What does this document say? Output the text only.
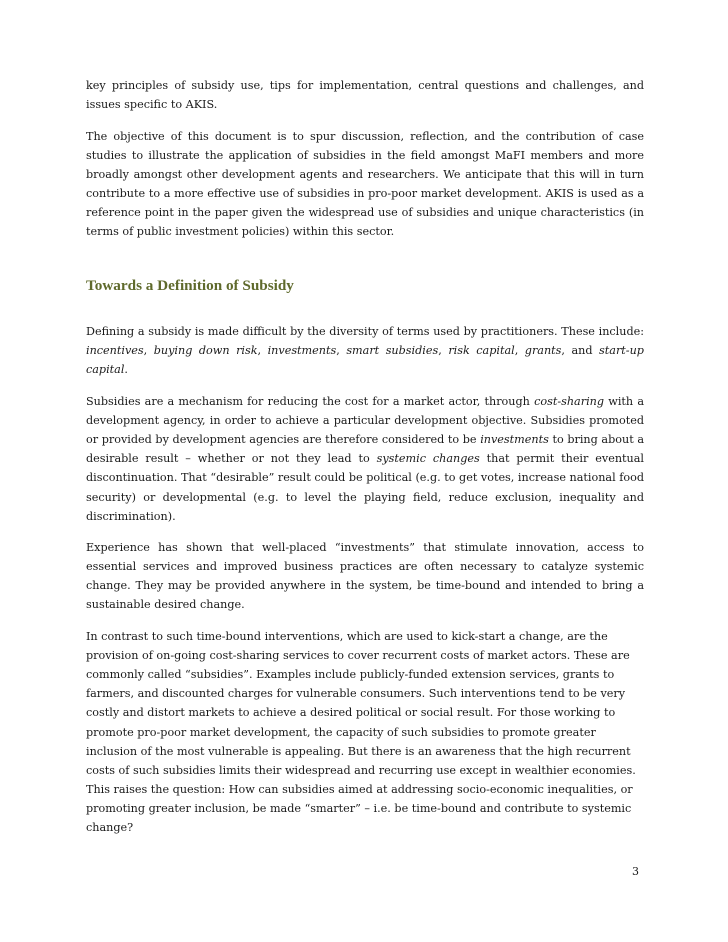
key principles of subsidy use, tips for implementation, central questions and challenges, and issues specific to AKIS.

The objective of this document is to spur discussion, reflection, and the contribution of case studies to illustrate the application of subsidies in the field amongst MaFI members and more broadly amongst other development agents and researchers. We anticipate that this will in turn contribute to a more effective use of subsidies in pro-poor market development. AKIS is used as a reference point in the paper given the widespread use of subsidies and unique characteristics (in terms of public investment policies) within this sector.

Towards a Definition of Subsidy

Defining a subsidy is made difficult by the diversity of terms used by practitioners. These include: incentives, buying down risk, investments, smart subsidies, risk capital, grants, and start-up capital.

Subsidies are a mechanism for reducing the cost for a market actor, through cost-sharing with a development agency, in order to achieve a particular development objective. Subsidies promoted or provided by development agencies are therefore considered to be investments to bring about a desirable result – whether or not they lead to systemic changes that permit their eventual discontinuation. That “desirable” result could be political (e.g. to get votes, increase national food security) or developmental (e.g. to level the playing field, reduce exclusion, inequality and discrimination).

Experience has shown that well-placed “investments” that stimulate innovation, access to essential services and improved business practices are often necessary to catalyze systemic change. They may be provided anywhere in the system, be time-bound and intended to bring a sustainable desired change.

In contrast to such time-bound interventions, which are used to kick-start a change, are the provision of on-going cost-sharing services to cover recurrent costs of market actors. These are commonly called “subsidies”. Examples include publicly-funded extension services, grants to farmers, and discounted charges for vulnerable consumers. Such interventions tend to be very costly and distort markets to achieve a desired political or social result. For those working to promote pro-poor market development, the capacity of such subsidies to promote greater inclusion of the most vulnerable is appealing. But there is an awareness that the high recurrent costs of such subsidies limits their widespread and recurring use except in wealthier economies. This raises the question: How can subsidies aimed at addressing socio-economic inequalities, or promoting greater inclusion, be made “smarter” – i.e. be time-bound and contribute to systemic change?

3
